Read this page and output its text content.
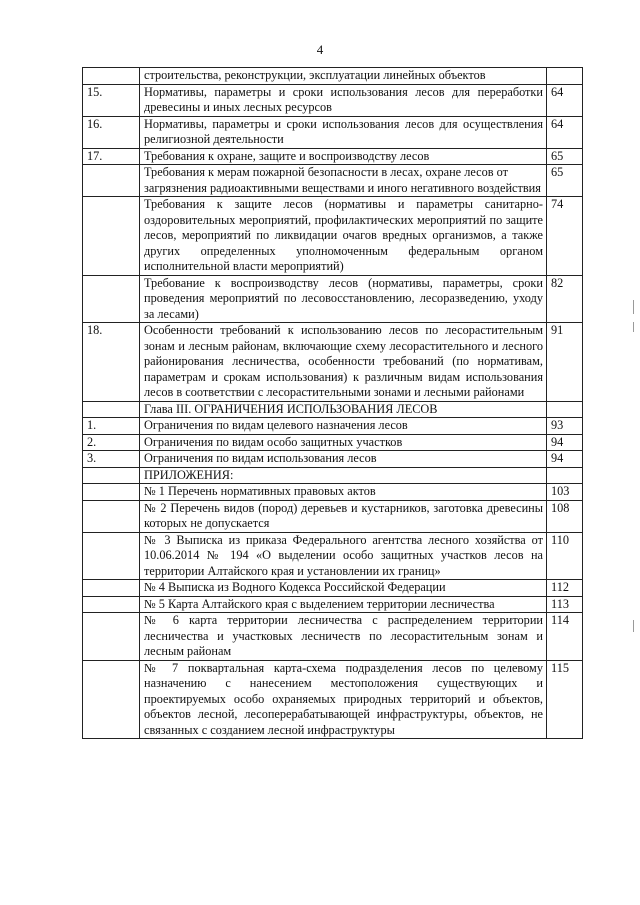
4
	строительства, реконструкции, эксплуатации линейных объектов	
15.	Нормативы, параметры и сроки использования лесов для переработки древесины и иных лесных ресурсов	64
16.	Нормативы, параметры и сроки использования лесов для осуществления религиозной деятельности	64
17.	Требования к охране, защите и воспроизводству лесов	65
	Требования к мерам пожарной безопасности в лесах, охране лесов от загрязнения радиоактивными веществами и иного негативного воздействия	65
	Требования к защите лесов (нормативы и параметры санитарно-оздоровительных мероприятий, профилактических мероприятий по защите лесов, мероприятий по ликвидации очагов вредных организмов, а также других определенных уполномоченным федеральным органом исполнительной власти мероприятий)	74
	Требование к воспроизводству лесов (нормативы, параметры, сроки проведения мероприятий по лесовосстановлению, лесоразведению, уходу за лесами)	82
18.	Особенности требований к использованию лесов по лесорастительным зонам и лесным районам, включающие схему лесорастительного и лесного районирования лесничества, особенности требований (по нормативам, параметрам и срокам использования) к различным видам использования лесов в соответствии с лесорастительными зонами и лесными районами	91
	Глава III. ОГРАНИЧЕНИЯ ИСПОЛЬЗОВАНИЯ ЛЕСОВ	
1.	Ограничения по видам целевого назначения лесов	93
2.	Ограничения по видам особо защитных участков	94
3.	Ограничения по видам использования лесов	94
	ПРИЛОЖЕНИЯ:	
	№ 1 Перечень нормативных правовых актов	103
	№ 2 Перечень видов (пород) деревьев и кустарников, заготовка древесины которых не допускается	108
	№ 3 Выписка из приказа Федерального агентства лесного хозяйства от 10.06.2014 № 194 «О выделении особо защитных участков лесов на территории Алтайского края и установлении их границ»	110
	№ 4 Выписка из Водного Кодекса Российской Федерации	112
	№ 5 Карта Алтайского края с выделением территории лесничества	113
	№ 6 карта территории лесничества с распределением территории лесничества и участковых лесничеств по лесорастительным зонам и лесным районам	114
	№ 7 поквартальная карта-схема подразделения лесов по целевому назначению с нанесением местоположения существующих и проектируемых особо охраняемых природных территорий и объектов, объектов лесной, лесоперерабатывающей инфраструктуры, объектов, не связанных с созданием лесной инфраструктуры	115
